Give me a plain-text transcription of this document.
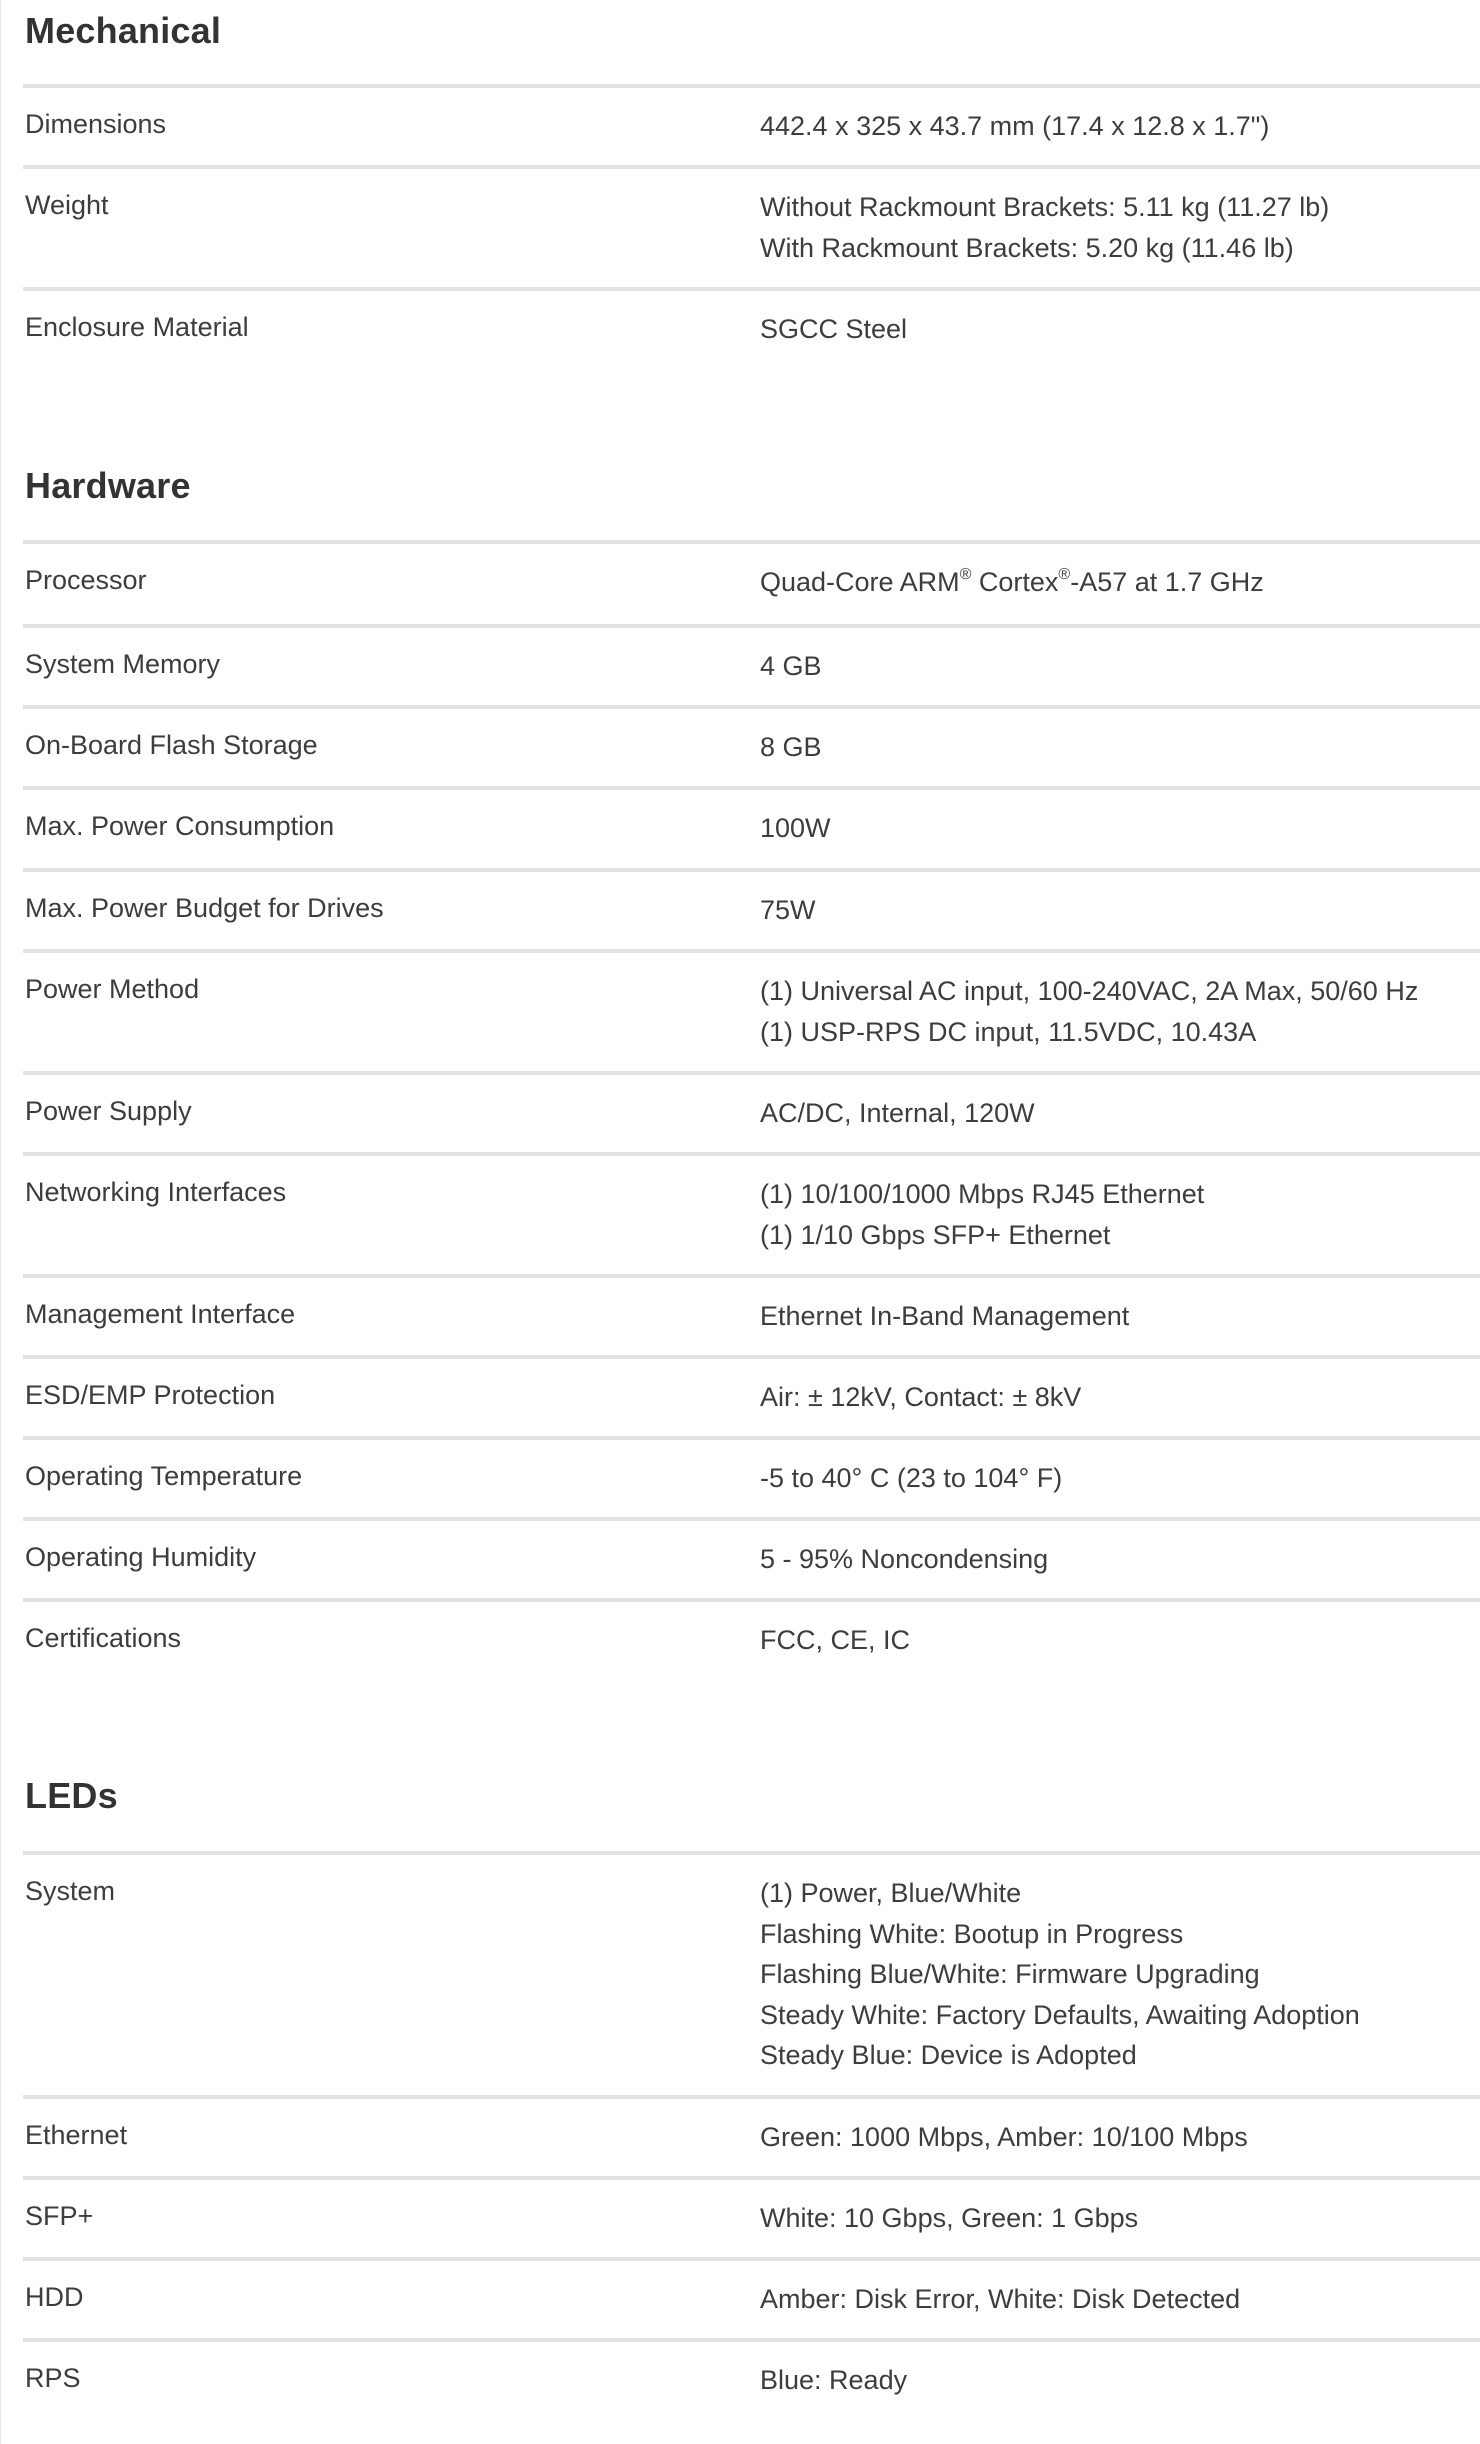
Mechanical
Dimensions	442.4 x 325 x 43.7 mm (17.4 x 12.8 x 1.7")
Weight	Without Rackmount Brackets: 5.11 kg (11.27 lb)
With Rackmount Brackets: 5.20 kg (11.46 lb)
Enclosure Material	SGCC Steel
Hardware
Processor	Quad-Core ARM® Cortex®-A57 at 1.7 GHz
System Memory	4 GB
On-Board Flash Storage	8 GB
Max. Power Consumption	100W
Max. Power Budget for Drives	75W
Power Method	(1) Universal AC input, 100-240VAC, 2A Max, 50/60 Hz
(1) USP-RPS DC input, 11.5VDC, 10.43A
Power Supply	AC/DC, Internal, 120W
Networking Interfaces	(1) 10/100/1000 Mbps RJ45 Ethernet
(1) 1/10 Gbps SFP+ Ethernet
Management Interface	Ethernet In-Band Management
ESD/EMP Protection	Air: ± 12kV, Contact: ± 8kV
Operating Temperature	-5 to 40° C (23 to 104° F)
Operating Humidity	5 - 95% Noncondensing
Certifications	FCC, CE, IC
LEDs
System	(1) Power, Blue/White
Flashing White: Bootup in Progress
Flashing Blue/White: Firmware Upgrading
Steady White: Factory Defaults, Awaiting Adoption
Steady Blue: Device is Adopted
Ethernet	Green: 1000 Mbps, Amber: 10/100 Mbps
SFP+	White: 10 Gbps, Green: 1 Gbps
HDD	Amber: Disk Error, White: Disk Detected
RPS	Blue: Ready
